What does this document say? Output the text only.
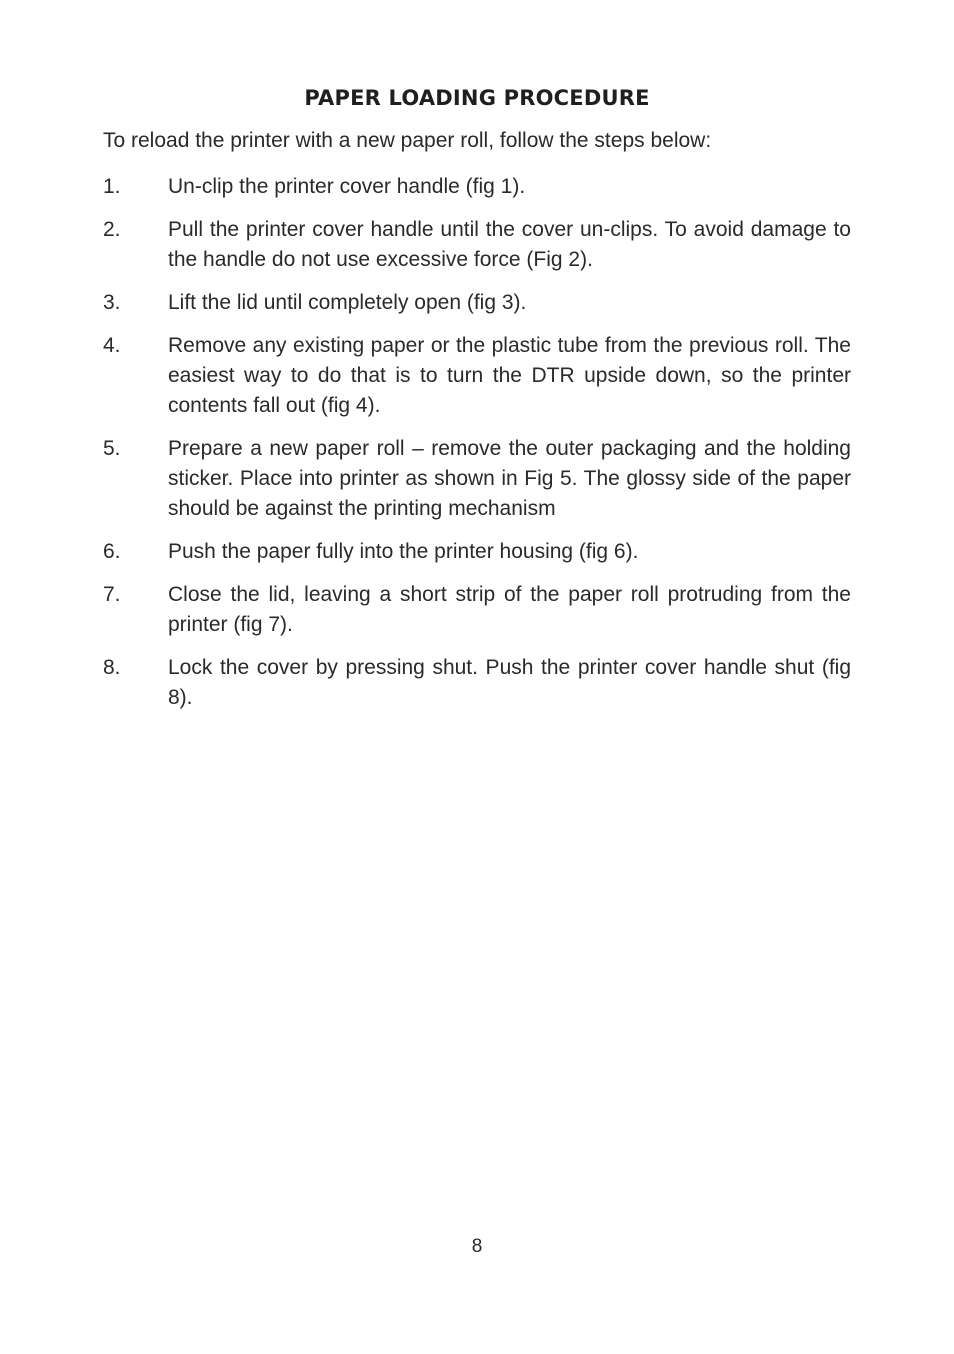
PAPER LOADING PROCEDURE

To reload the printer with a new paper roll, follow the steps below:

1.	Un-clip the printer cover handle (fig 1).
2.	Pull the printer cover handle until the cover un-clips. To avoid damage to the handle do not use excessive force (Fig 2).
3.	Lift the lid until completely open (fig 3).
4.	Remove any existing paper or the plastic tube from the previous roll. The easiest way to do that is to turn the DTR upside down, so the printer contents fall out (fig 4).
5.	Prepare a new paper roll – remove the outer packaging and the holding sticker. Place into printer as shown in Fig 5. The glossy side of the paper should be against the printing mechanism
6.	Push the paper fully into the printer housing (fig 6).
7.	Close the lid, leaving a short strip of the paper roll protruding from the printer (fig 7).
8.	Lock the cover by pressing shut. Push the printer cover handle shut (fig 8).
8
